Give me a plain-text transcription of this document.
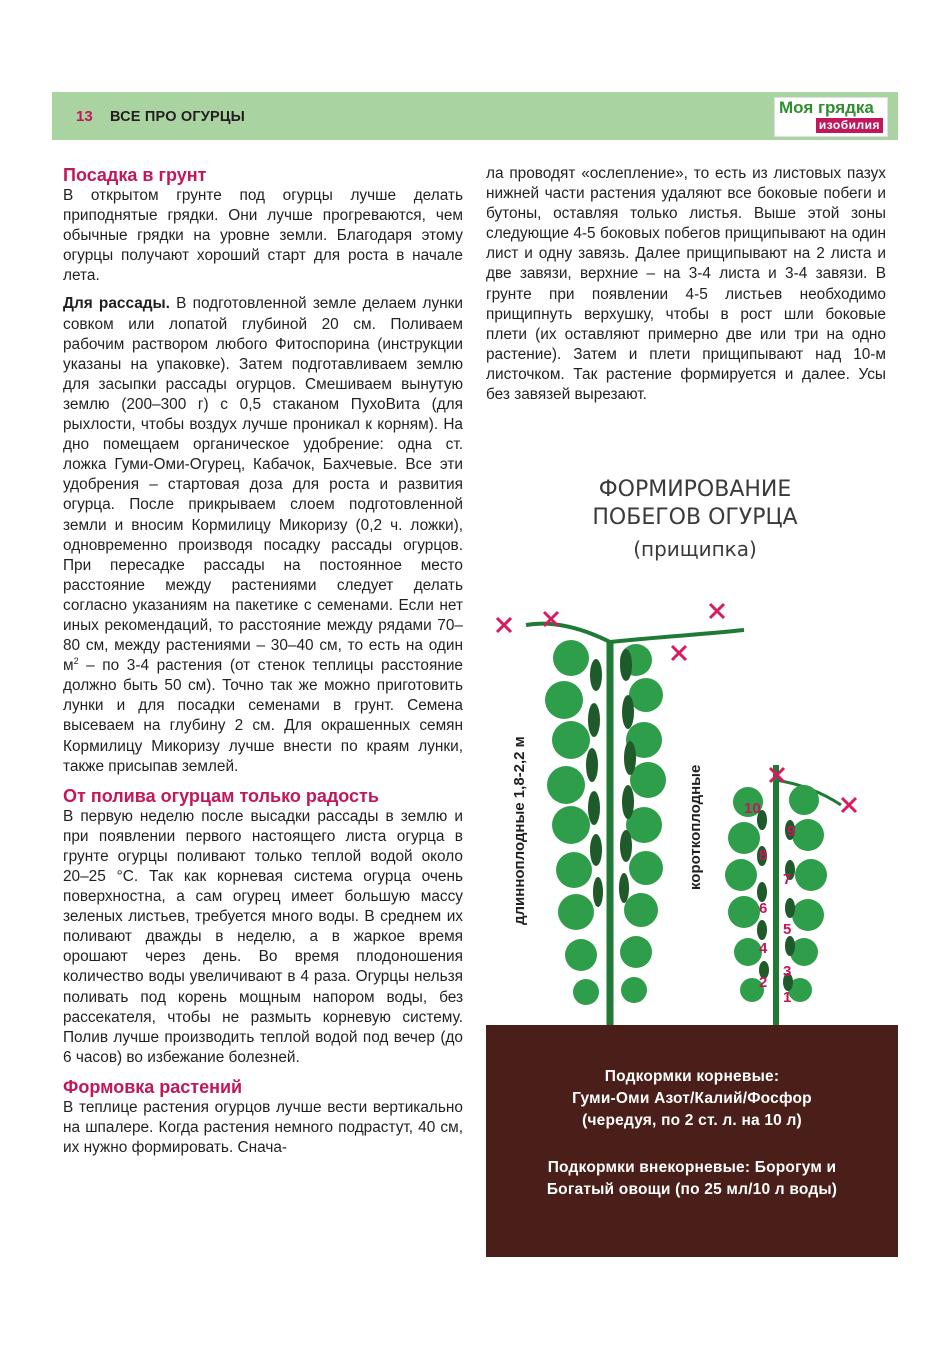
13 ВСЕ ПРО ОГУРЦЫ	Моя грядка
изобилия
Посадка в грунт

В открытом грунте под огурцы лучше делать приподнятые грядки. Они лучше прогреваются, чем обычные грядки на уровне земли. Благодаря этому огурцы получают хороший старт для роста в начале лета.

Для рассады. В подготовленной земле делаем лунки совком или лопатой глубиной 20 см. Поливаем рабочим раствором любого Фитоспорина (инструкции указаны на упаковке). Затем подготавливаем землю для засыпки рассады огурцов. Смешиваем вынутую землю (200–300 г) с 0,5 стаканом ПухоВита (для рыхлости, чтобы воздух лучше проникал к корням). На дно помещаем органическое удобрение: одна ст. ложка Гуми-Оми-Огурец, Кабачок, Бахчевые. Все эти удобрения – стартовая доза для роста и развития огурца. После прикрываем слоем подготовленной земли и вносим Кормилицу Микоризу (0,2 ч. ложки), одновременно производя посадку рассады огурцов. При пересадке рассады на постоянное место расстояние между растениями следует делать согласно указаниям на пакетике с семенами. Если нет иных рекомендаций, то расстояние между рядами 70–80 см, между растениями – 30–40 см, то есть на один $м^2$ – по 3-4 растения (от стенок теплицы расстояние должно быть 50 см). Точно так же можно приготовить лунки и для посадки семенами в грунт. Семена высеваем на глубину 2 см. Для окрашенных семян Кормилицу Микоризу лучше внести по краям лунки, также присыпав землей.

От полива огурцам только радость

В первую неделю после высадки рассады в землю и при появлении первого настоящего листа огурца в грунте огурцы поливают только теплой водой около 20–25 °С. Так как корневая система огурца очень поверхностна, а сам огурец имеет большую массу зеленых листьев, требуется много воды. В среднем их поливают дважды в неделю, а в жаркое время орошают через день. Во время плодоношения количество воды увеличивают в 4 раза. Огурцы нельзя поливать под корень мощным напором воды, без рассекателя, чтобы не размыть корневую систему. Полив лучше производить теплой водой под вечер (до 6 часов) во избежание болезней.

Формовка растений

В теплице растения огурцов лучше вести вертикально на шпалере. Когда растения немного подрастут, 40 см, их нужно формировать. Снача-

ла проводят «ослепление», то есть из листовых пазух нижней части растения удаляют все боковые побеги и бутоны, оставляя только листья. Выше этой зоны следующие 4-5 боковых побегов прищипывают на один лист и одну завязь. Далее прищипывают на 2 листа и две завязи, верхние – на 3-4 листа и 3-4 завязи. В грунте при появлении 4-5 листьев необходимо прищипнуть верхушку, чтобы в рост шли боковые плети (их оставляют примерно две или три на одно растение). Затем и плети прищипывают над 10-м листочком. Так растение формируется и далее. Усы без завязей вырезают.

ФОРМИРОВАНИЕ
ПОБЕГОВ ОГУРЦА
(прищипка)
длинноплодные 1,8-2,2 м	короткоплодные
1
2
3
4
5
6
7
8
9
10
Подкормки корневые:
Гуми-Оми Азот/Калий/Фосфор
(чередуя, по 2 ст. л. на 10 л)
Подкормки внекорневые: Борогум и
Богатый овощи (по 25 мл/10 л воды)
